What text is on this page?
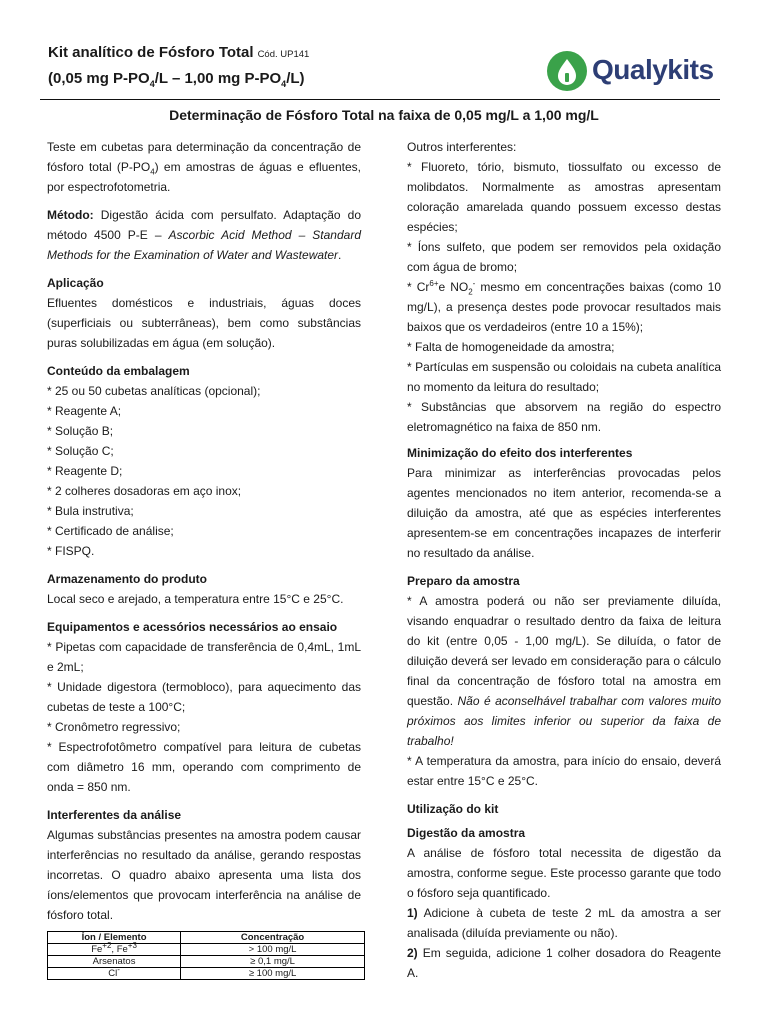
Kit analítico de Fósforo Total Cód. UP141
(0,05 mg $P-PO_4/L - 1,00$ mg $P-PO_4/L$)	Qualykits
Determinação de Fósforo Total na faixa de 0,05 mg/L a 1,00 mg/L

Teste em cubetas para determinação da concentração de fósforo total $(P-PO_4)$ em amostras de águas e efluentes, por espectrofotometria.

Método: Digestão ácida com persulfato. Adaptação do método 4500 P-E – Ascorbic Acid Method – Standard Methods for the Examination of Water and Wastewater.

Aplicação

Efluentes domésticos e industriais, águas doces (superficiais ou subterrâneas), bem como substâncias puras solubilizadas em água (em solução).

Conteúdo da embalagem
* 25 ou 50 cubetas analíticas (opcional);
* Reagente A;
* Solução B;
* Solução C;
* Reagente D;
* 2 colheres dosadoras em aço inox;
* Bula instrutiva;
* Certificado de análise;
* FISPQ.
Armazenamento do produto

Local seco e arejado, a temperatura entre 15°C e 25°C.

Equipamentos e acessórios necessários ao ensaio

* Pipetas com capacidade de transferência de 0,4mL, 1mL e 2mL;

* Unidade digestora (termobloco), para aquecimento das cubetas de teste a 100°C;

* Cronômetro regressivo;

* Espectrofotômetro compatível para leitura de cubetas com diâmetro 16 mm, operando com comprimento de onda = 850 nm.

Interferentes da análise

Algumas substâncias presentes na amostra podem causar interferências no resultado da análise, gerando respostas incorretas. O quadro abaixo apresenta uma lista dos íons/elementos que provocam interferência na análise de fósforo total.

Íon / Elemento	Concentração
$Fe^{+2}$, $Fe^{+3}$	> 100 mg/L
Arsenatos	≥ 0,1 mg/L
Cl-	≥ 100 mg/L

Outros interferentes:

* Fluoreto, tório, bismuto, tiossulfato ou excesso de molibdatos. Normalmente as amostras apresentam coloração amarelada quando possuem excesso destas espécies;

* Íons sulfeto, que podem ser removidos pela oxidação com água de bromo;

* $Cr^{6+}e$ $NO_2^-$ mesmo em concentrações baixas (como 10 mg/L), a presença destes pode provocar resultados mais baixos que os verdadeiros (entre 10 a 15%);

* Falta de homogeneidade da amostra;

* Partículas em suspensão ou coloidais na cubeta analítica no momento da leitura do resultado;

* Substâncias que absorvem na região do espectro eletromagnético na faixa de 850 nm.

Minimização do efeito dos interferentes

Para minimizar as interferências provocadas pelos agentes mencionados no item anterior, recomenda-se a diluição da amostra, até que as espécies interferentes apresentem-se em concentrações incapazes de interferir no resultado da análise.

Preparo da amostra

* A amostra poderá ou não ser previamente diluída, visando enquadrar o resultado dentro da faixa de leitura do kit (entre 0,05 - 1,00 mg/L). Se diluída, o fator de diluição deverá ser levado em consideração para o cálculo final da concentração de fósforo total na amostra em questão. Não é aconselhável trabalhar com valores muito próximos aos limites inferior ou superior da faixa de trabalho!

* A temperatura da amostra, para início do ensaio, deverá estar entre 15°C e 25°C.

Utilização do kit
Digestão da amostra

A análise de fósforo total necessita de digestão da amostra, conforme segue. Este processo garante que todo o fósforo seja quantificado.

1) Adicione à cubeta de teste 2 mL da amostra a ser analisada (diluída previamente ou não).

2) Em seguida, adicione 1 colher dosadora do Reagente A.
